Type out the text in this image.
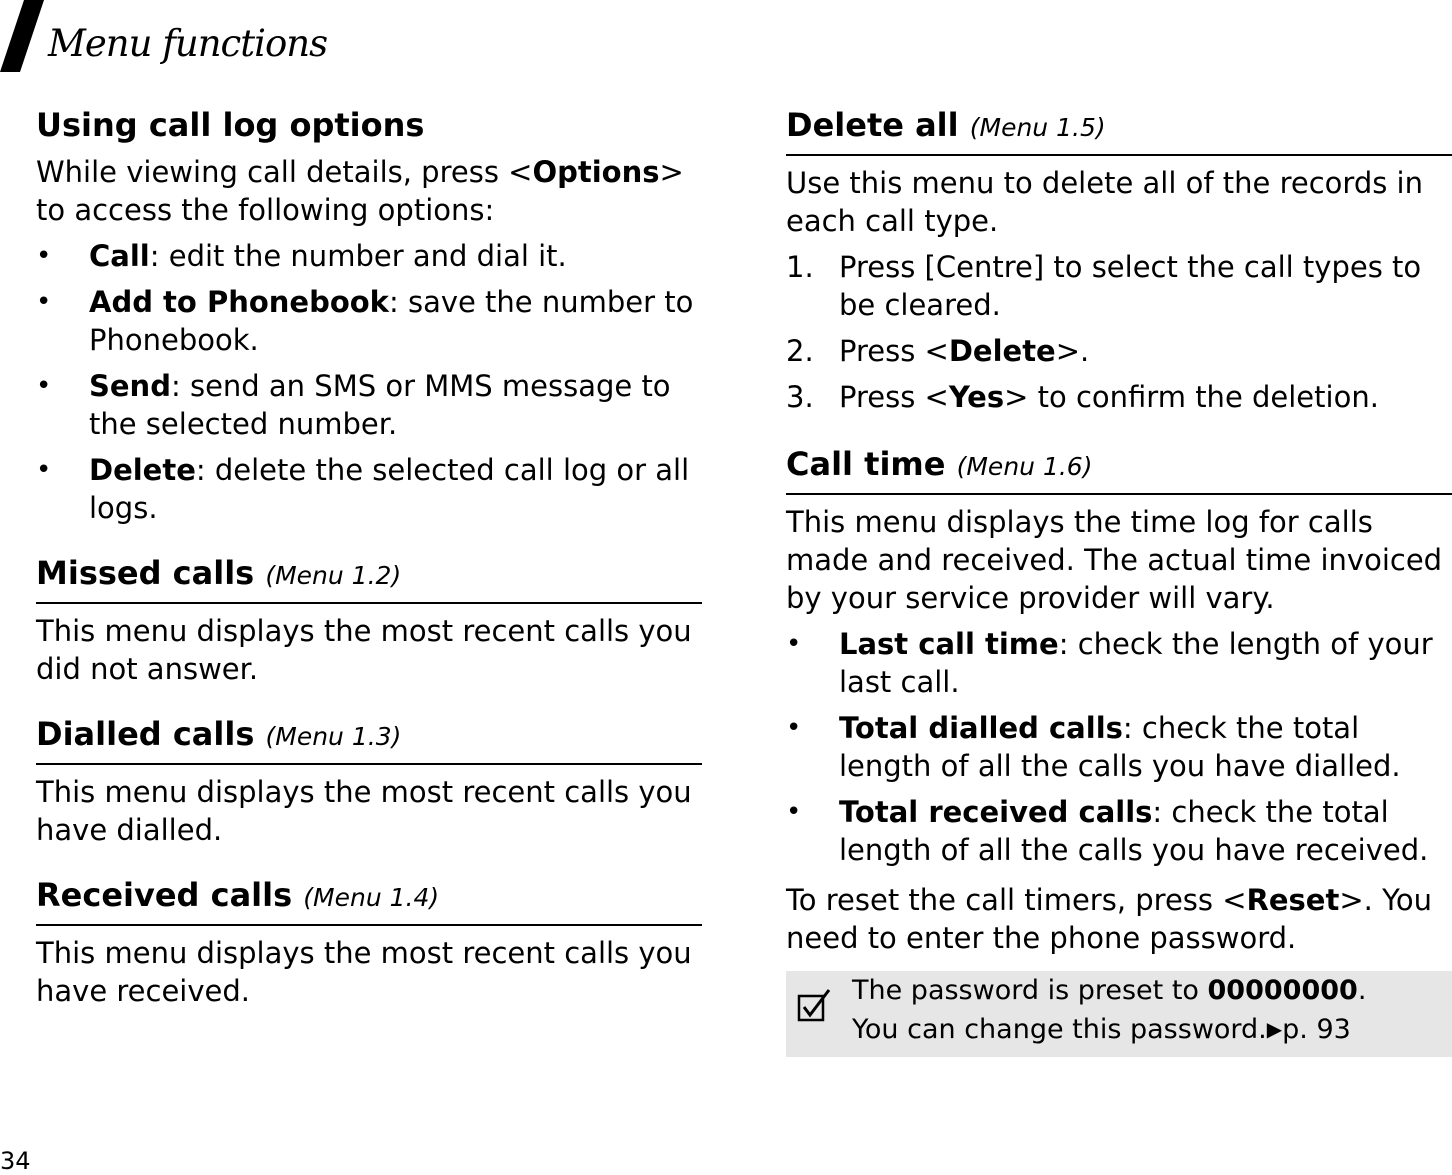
Menu functions
Using call log options

While viewing call details, press <Options> to access the following options:

• Call: edit the number and dial it.
• Add to Phonebook: save the number to Phonebook.
• Send: send an SMS or MMS message to the selected number.
• Delete: delete the selected call log or all logs.
Missed calls (Menu 1.2)

This menu displays the most recent calls you did not answer.

Dialled calls (Menu 1.3)

This menu displays the most recent calls you have dialled.

Received calls (Menu 1.4)

This menu displays the most recent calls you have received.

Delete all (Menu 1.5)

Use this menu to delete all of the records in each call type.

1. Press [Centre] to select the call types to be cleared.
2. Press <Delete>.
3. Press <Yes> to confirm the deletion.
Call time (Menu 1.6)

This menu displays the time log for calls made and received. The actual time invoiced by your service provider will vary.

• Last call time: check the length of your last call.
• Total dialled calls: check the total length of all the calls you have dialled.
• Total received calls: check the total length of all the calls you have received.

To reset the call timers, press <Reset>. You need to enter the phone password.

The password is preset to 00000000.
You can change this password.▶p. 93
34
